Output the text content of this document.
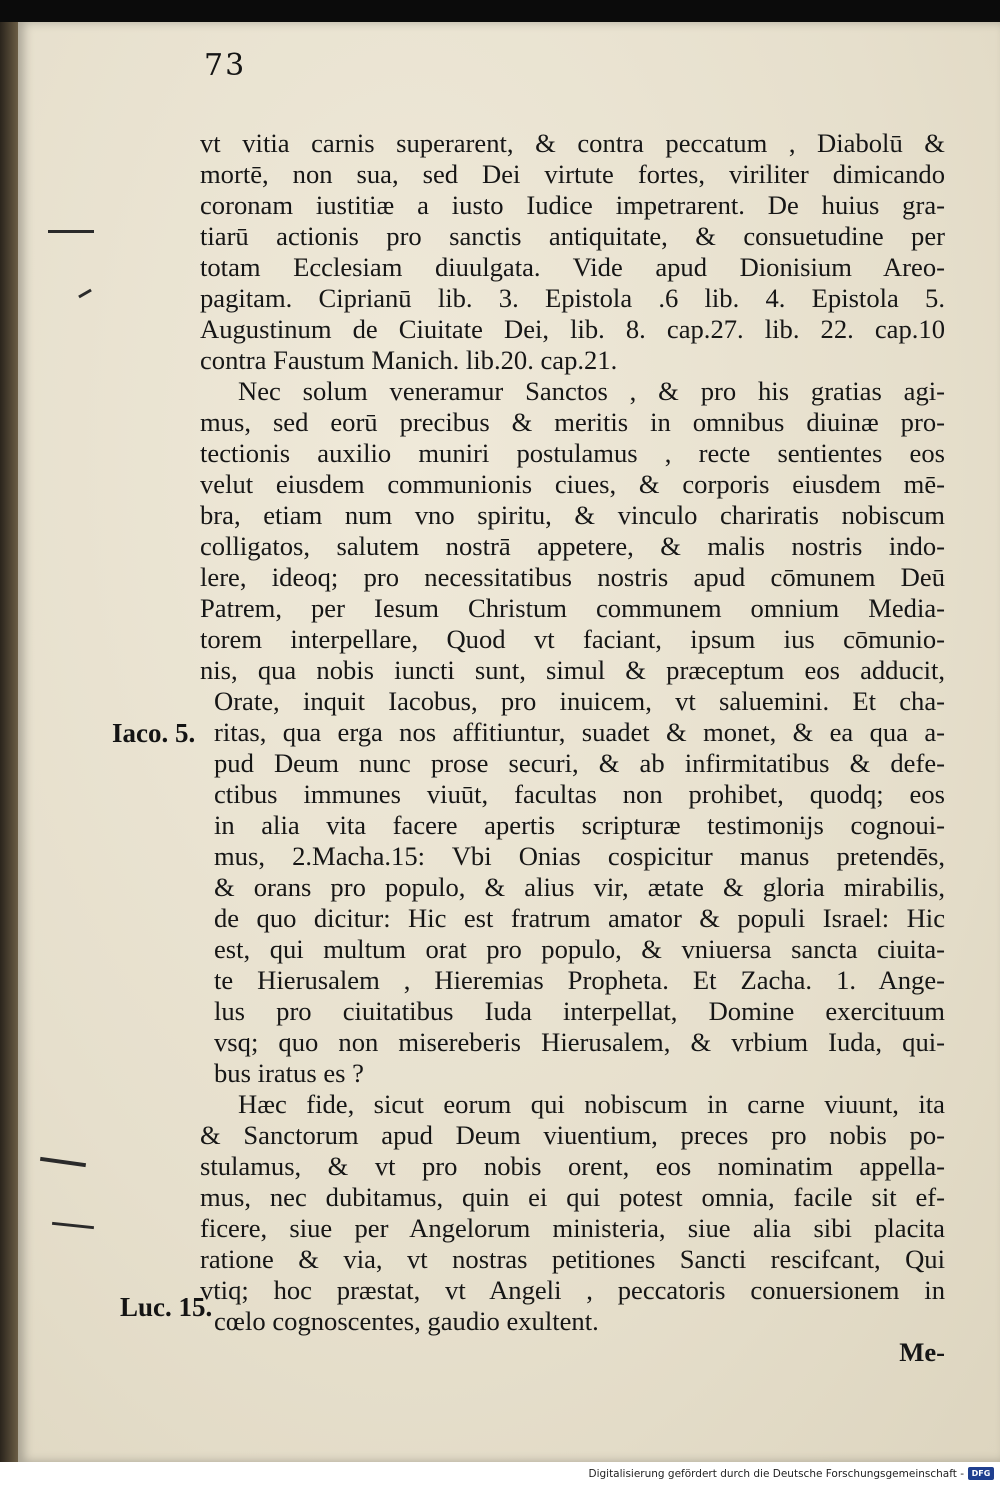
73
vt vitia carnis superarent, & contra peccatum , Diabolū &
mortē, non sua, sed Dei virtute fortes, viriliter dimicando
coronam iustitiæ a iusto Iudice impetrarent. De huius gra-
tiarū actionis pro sanctis antiquitate, & consuetudine per
totam Ecclesiam diuulgata. Vide apud Dionisium Areo-
pagitam. Ciprianū lib. 3. Epistola .6 lib. 4. Epistola 5.
Augustinum de Ciuitate Dei, lib. 8. cap.27. lib. 22. cap.10
contra Faustum Manich. lib.20. cap.21.
Nec solum veneramur Sanctos , & pro his gratias agi-
mus, sed eorū precibus & meritis in omnibus diuinæ pro-
tectionis auxilio muniri postulamus , recte sentientes eos
velut eiusdem communionis ciues, & corporis eiusdem mē-
bra, etiam num vno spiritu, & vinculo chariratis nobiscum
colligatos, salutem nostrā appetere, & malis nostris indo-
lere, ideoq; pro necessitatibus nostris apud cōmunem Deū
Patrem, per Iesum Christum communem omnium Media-
torem interpellare, Quod vt faciant, ipsum ius cōmunio-
nis, qua nobis iuncti sunt, simul & præceptum eos adducit,
Orate, inquit Iacobus, pro inuicem, vt saluemini. Et cha-
ritas, qua erga nos affitiuntur, suadet & monet, & ea qua a-
pud Deum nunc prose securi, & ab infirmitatibus & defe-
ctibus immunes viuūt, facultas non prohibet, quodq; eos
in alia vita facere apertis scripturæ testimonijs cognoui-
mus, 2.Macha.15: Vbi Onias cospicitur manus pretendēs,
& orans pro populo, & alius vir, ætate & gloria mirabilis,
de quo dicitur: Hic est fratrum amator & populi Israel: Hic
est, qui multum orat pro populo, & vniuersa sancta ciuita-
te Hierusalem , Hieremias Propheta. Et Zacha. 1. Ange-
lus pro ciuitatibus Iuda interpellat, Domine exercituum
vsq; quo non misereberis Hierusalem, & vrbium Iuda, qui-
bus iratus es ?
Hæc fide, sicut eorum qui nobiscum in carne viuunt, ita
& Sanctorum apud Deum viuentium, preces pro nobis po-
stulamus, & vt pro nobis orent, eos nominatim appella-
mus, nec dubitamus, quin ei qui potest omnia, facile sit ef-
ficere, siue per Angelorum ministeria, siue alia sibi placita
ratione & via, vt nostras petitiones Sancti rescifcant, Qui
vtiq; hoc præstat, vt Angeli , peccatoris conuersionem in
cœlo cognoscentes, gaudio exultent.
Me-
Iaco. 5.
Luc. 15.
Digitalisierung gefördert durch die Deutsche Forschungsgemeinschaft - DFG
